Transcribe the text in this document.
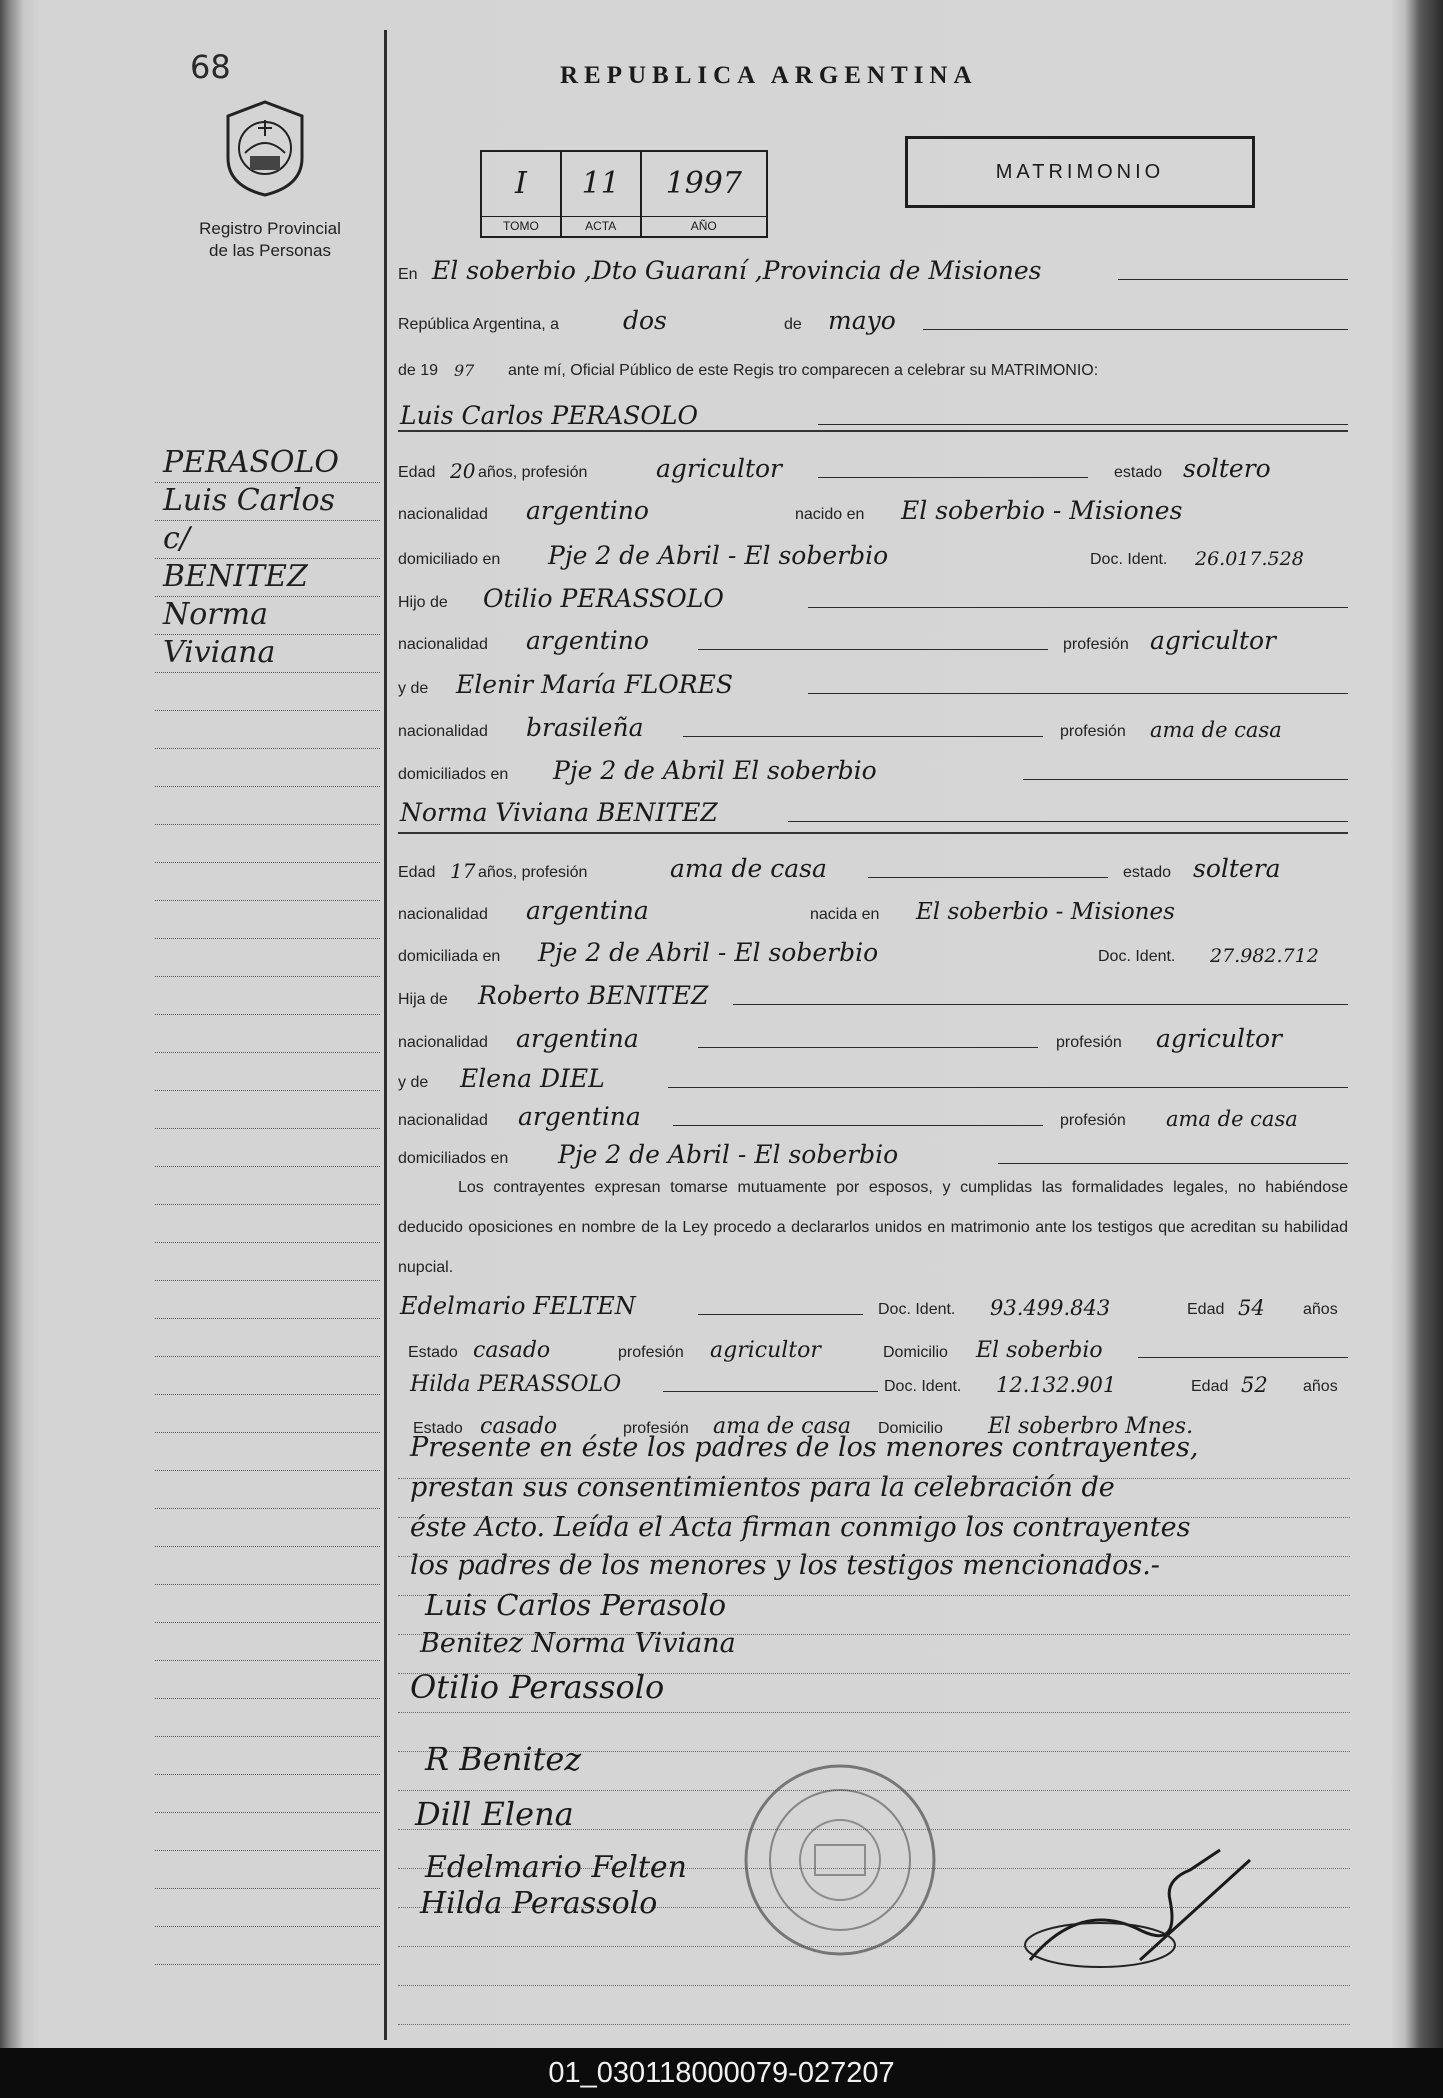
68
Registro Provincial
de las Personas
REPUBLICA ARGENTINA
I
TOMO
11
ACTA
1997
AÑO
MATRIMONIO
PERASOLO
Luis Carlos
c/
BENITEZ
Norma
Viviana
En El soberbio ,Dto Guaraní ,Provincia de Misiones
República Argentina, a	dos	de mayo
de 19 97 ante mí, Oficial Público de este Regis tro comparecen a celebrar su MATRIMONIO:
Luis Carlos PERASOLO
Edad 20 años, profesión	agricultor	estado soltero
nacionalidad argentino	nacido en El soberbio - Misiones
domiciliado en Pje 2 de Abril - El soberbio	Doc. Ident. 26.017.528
Hijo de Otilio PERASSOLO
nacionalidad argentino	profesión agricultor
y de Elenir María FLORES
nacionalidad brasileña	profesión ama de casa
domiciliados en Pje 2 de Abril El soberbio
Norma Viviana BENITEZ
Edad 17 años, profesión	ama de casa	estado soltera
nacionalidad argentina	nacida en El soberbio - Misiones
domiciliada en Pje 2 de Abril - El soberbio	Doc. Ident. 27.982.712
Hija de Roberto BENITEZ
nacionalidad argentina	profesión agricultor
y de Elena DIEL
nacionalidad argentina	profesión ama de casa
domiciliados en Pje 2 de Abril - El soberbio
Los contrayentes expresan tomarse mutuamente por esposos, y cumplidas las formalidades legales, no habiéndose deducido oposiciones en nombre de la Ley procedo a declararlos unidos en matrimonio ante los testigos que acreditan su habilidad nupcial.
Edelmario FELTEN	Doc. Ident. 93.499.843	Edad 54 años
Estado casado	profesión agricultor	Domicilio El soberbio
Hilda PERASSOLO	Doc. Ident. 12.132.901	Edad 52 años
Estado casado	profesión ama de casa Domicilio El soberbro Mnes.
Presente en éste los padres de los menores contrayentes,
prestan sus consentimientos para la celebración de
éste Acto. Leída el Acta firman conmigo los contrayentes
los padres de los menores y los testigos mencionados.-
Luis Carlos Perasolo
Benitez Norma Viviana
Otilio Perassolo
R Benitez
Dill Elena
Edelmario Felten
Hilda Perassolo
01_030118000079-027207
